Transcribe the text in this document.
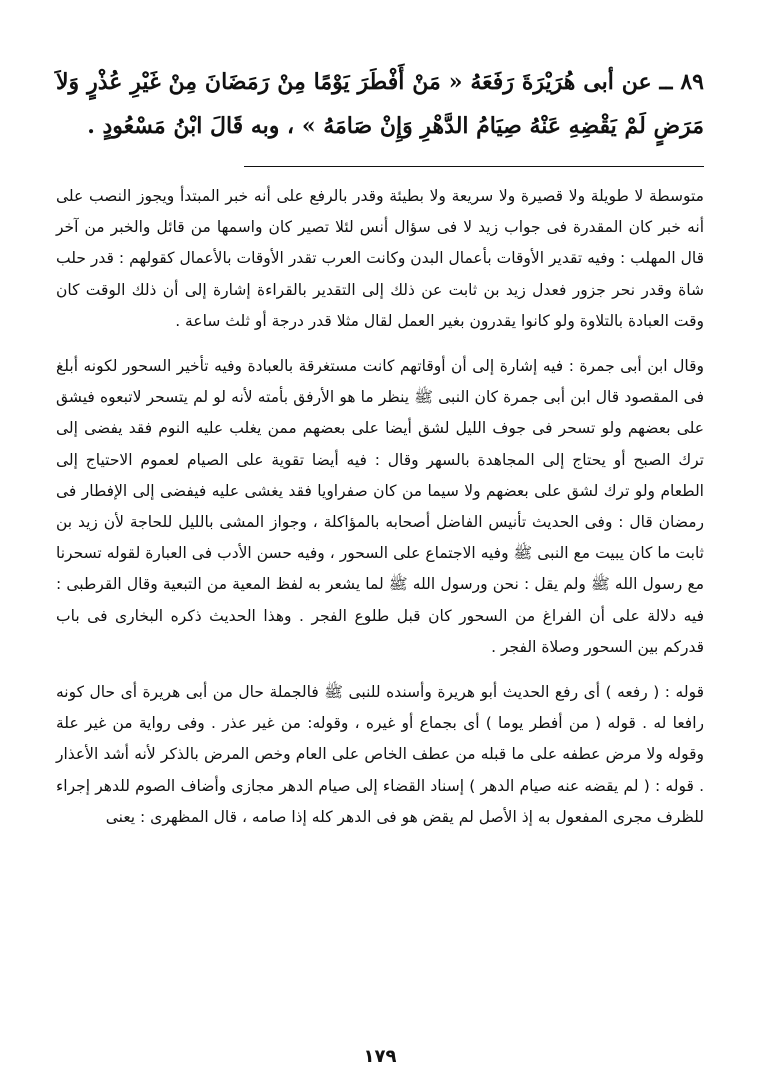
٨٩ ــ عن أبى هُرَيْرَةَ رَفَعَهُ « مَنْ أَفْطَرَ يَوْمًا مِنْ رَمَضَانَ مِنْ غَيْرِ عُذْرٍ وَلاَ مَرَضٍ لَمْ يَقْضِهِ عَنْهُ صِيَامُ الدَّهْرِ وَإِنْ صَامَهُ » ، وبه قَالَ ابْنُ مَسْعُودٍ .

متوسطة لا طويلة ولا قصيرة ولا سريعة ولا بطيئة وقدر بالرفع على أنه خبر المبتدأ ويجوز النصب على أنه خبر كان المقدرة فى جواب زيد لا فى سؤال أنس لئلا تصير كان واسمها من قائل والخبر من آخر قال المهلب : وفيه تقدير الأوقات بأعمال البدن وكانت العرب تقدر الأوقات بالأعمال كقولهم : قدر حلب شاة وقدر نحر جزور فعدل زيد بن ثابت عن ذلك إلى التقدير بالقراءة إشارة إلى أن ذلك الوقت كان وقت العبادة بالتلاوة ولو كانوا يقدرون بغير العمل لقال مثلا قدر درجة أو ثلث ساعة .

وقال ابن أبى جمرة : فيه إشارة إلى أن أوقاتهم كانت مستغرقة بالعبادة وفيه تأخير السحور لكونه أبلغ فى المقصود قال ابن أبى جمرة كان النبى ﷺ ينظر ما هو الأرفق بأمته لأنه لو لم يتسحر لاتبعوه فيشق على بعضهم ولو تسحر فى جوف الليل لشق أيضا على بعضهم ممن يغلب عليه النوم فقد يفضى إلى ترك الصبح أو يحتاج إلى المجاهدة بالسهر وقال : فيه أيضا تقوية على الصيام لعموم الاحتياج إلى الطعام ولو ترك لشق على بعضهم ولا سيما من كان صفراويا فقد يغشى عليه فيفضى إلى الإفطار فى رمضان قال : وفى الحديث تأنيس الفاضل أصحابه بالمؤاكلة ، وجواز المشى بالليل للحاجة لأن زيد بن ثابت ما كان يبيت مع النبى ﷺ وفيه الاجتماع على السحور ، وفيه حسن الأدب فى العبارة لقوله تسحرنا مع رسول الله ﷺ ولم يقل : نحن ورسول الله ﷺ لما يشعر به لفظ المعية من التبعية وقال القرطبى : فيه دلالة على أن الفراغ من السحور كان قبل طلوع الفجر . وهذا الحديث ذكره البخارى فى باب قدركم بين السحور وصلاة الفجر .

قوله : ( رفعه ) أى رفع الحديث أبو هريرة وأسنده للنبى ﷺ فالجملة حال من أبى هريرة أى حال كونه رافعا له . قوله ( من أفطر يوما ) أى بجماع أو غيره ، وقوله: من غير عذر . وفى رواية من غير علة وقوله ولا مرض عطفه على ما قبله من عطف الخاص على العام وخص المرض بالذكر لأنه أشد الأعذار . قوله : ( لم يقضه عنه صيام الدهر ) إسناد القضاء إلى صيام الدهر مجازى وأضاف الصوم للدهر إجراء للظرف مجرى المفعول به إذ الأصل لم يقض هو فى الدهر كله إذا صامه ، قال المظهرى : يعنى

١٧٩
